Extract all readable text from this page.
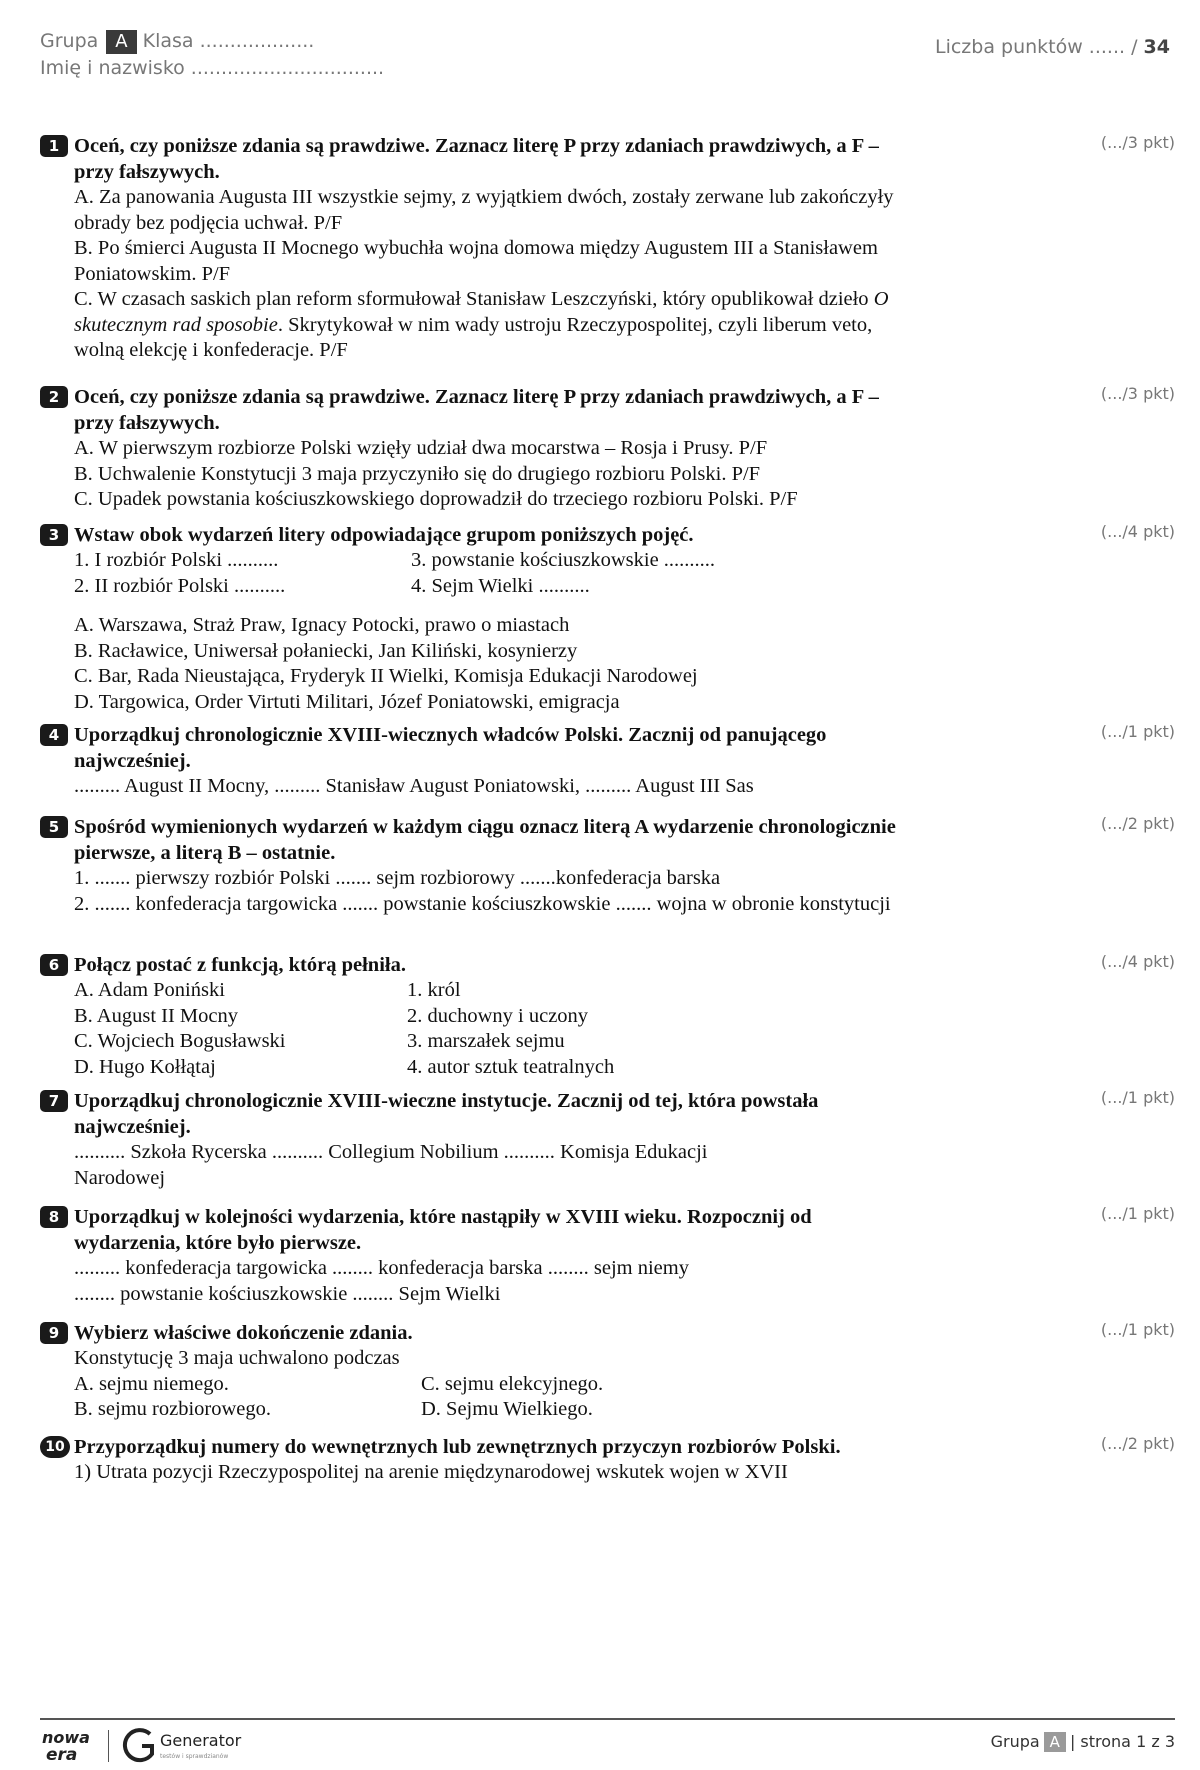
Grupa A Klasa ...................
Imię i nazwisko ................................
Liczba punktów ...... / 34
1	(.../3 pkt)
Oceń, czy poniższe zdania są prawdziwe. Zaznacz literę P przy zdaniach prawdziwych, a F – przy fałszywych.
A. Za panowania Augusta III wszystkie sejmy, z wyjątkiem dwóch, zostały zerwane lub zakończyły obrady bez podjęcia uchwał. P/F
B. Po śmierci Augusta II Mocnego wybuchła wojna domowa między Augustem III a Stanisławem Poniatowskim. P/F
C. W czasach saskich plan reform sformułował Stanisław Leszczyński, który opublikował dzieło O skutecznym rad sposobie. Skrytykował w nim wady ustroju Rzeczypospolitej, czyli liberum veto, wolną elekcję i konfederacje. P/F
2	(.../3 pkt)
Oceń, czy poniższe zdania są prawdziwe. Zaznacz literę P przy zdaniach prawdziwych, a F – przy fałszywych.
A. W pierwszym rozbiorze Polski wzięły udział dwa mocarstwa – Rosja i Prusy. P/F
B. Uchwalenie Konstytucji 3 maja przyczyniło się do drugiego rozbioru Polski. P/F
C. Upadek powstania kościuszkowskiego doprowadził do trzeciego rozbioru Polski. P/F
3	(.../4 pkt)
Wstaw obok wydarzeń litery odpowiadające grupom poniższych pojęć.
1. I rozbiór Polski ..........	3. powstanie kościuszkowskie ..........
2. II rozbiór Polski ..........	4. Sejm Wielki ..........
A. Warszawa, Straż Praw, Ignacy Potocki, prawo o miastach
B. Racławice, Uniwersał połaniecki, Jan Kiliński, kosynierzy
C. Bar, Rada Nieustająca, Fryderyk II Wielki, Komisja Edukacji Narodowej
D. Targowica, Order Virtuti Militari, Józef Poniatowski, emigracja
4	(.../1 pkt)
Uporządkuj chronologicznie XVIII-wiecznych władców Polski. Zacznij od panującego najwcześniej.
......... August II Mocny, ......... Stanisław August Poniatowski, ......... August III Sas
5	(.../2 pkt)
Spośród wymienionych wydarzeń w każdym ciągu oznacz literą A wydarzenie chronologicznie pierwsze, a literą B – ostatnie.
1. ....... pierwszy rozbiór Polski ....... sejm rozbiorowy .......konfederacja barska
2. ....... konfederacja targowicka ....... powstanie kościuszkowskie ....... wojna w obronie konstytucji
6	(.../4 pkt)
Połącz postać z funkcją, którą pełniła.
A. Adam Poniński	1. król
B. August II Mocny	2. duchowny i uczony
C. Wojciech Bogusławski	3. marszałek sejmu
D. Hugo Kołłątaj	4. autor sztuk teatralnych
7	(.../1 pkt)
Uporządkuj chronologicznie XVIII-wieczne instytucje. Zacznij od tej, która powstała najwcześniej.
.......... Szkoła Rycerska .......... Collegium Nobilium .......... Komisja Edukacji Narodowej
8	(.../1 pkt)
Uporządkuj w kolejności wydarzenia, które nastąpiły w XVIII wieku. Rozpocznij od wydarzenia, które było pierwsze.
......... konfederacja targowicka ........ konfederacja barska ........ sejm niemy
........ powstanie kościuszkowskie ........ Sejm Wielki
9	(.../1 pkt)
Wybierz właściwe dokończenie zdania.
Konstytucję 3 maja uchwalono podczas
A. sejmu niemego.	C. sejmu elekcyjnego.
B. sejmu rozbiorowego.	D. Sejmu Wielkiego.
10	(.../2 pkt)
Przyporządkuj numery do wewnętrznych lub zewnętrznych przyczyn rozbiorów Polski.
1) Utrata pozycji Rzeczypospolitej na arenie międzynarodowej wskutek wojen w XVII
nowa
era
Generator
testów i sprawdzianów
Grupa A | strona 1 z 3
